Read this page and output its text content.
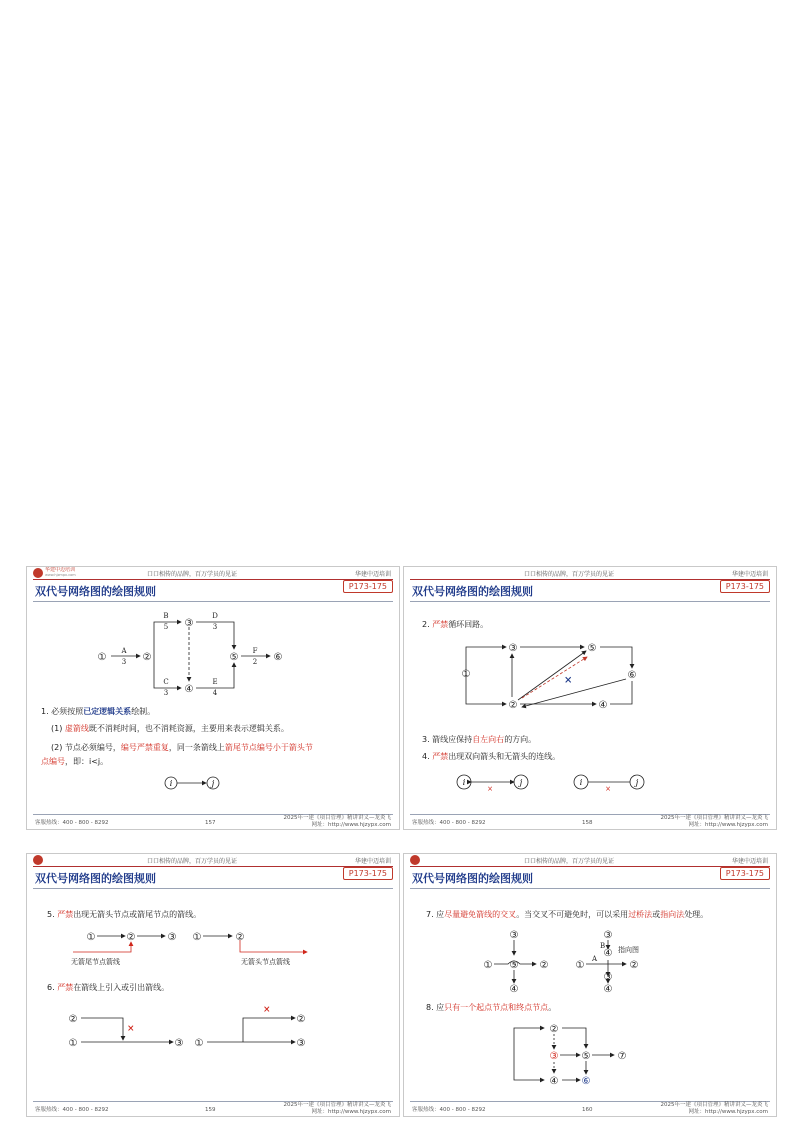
华建中迈培训
www.hjzmpx.com	口口相传的品牌，百万学员的见证	华建中迈培训
双代号网络图的绘图规则	P173-175
①	②
③
④
⑤	⑥
A
3
B
5
C
3
D
3
E
4
F
2
i	j
1. 必须按照已定逻辑关系绘制。
(1) 虚箭线既不消耗时间，也不消耗资源，主要用来表示逻辑关系。
(2) 节点必须编号，编号严禁重复，同一条箭线上箭尾节点编号小于箭头节
点编号，即：i<j。
客服热线：400 - 800 - 8292	157
2025年一建《项目管理》精讲讲义—龙炎飞
网址：http://www.hjzypx.com
口口相传的品牌，百万学员的见证	华建中迈培训
双代号网络图的绘图规则	P173-175
2. 严禁循环回路。
×
①
②
③
④
⑤
⑥
i	j
×
i	j
×
3. 箭线应保持自左向右的方向。
4. 严禁出现双向箭头和无箭头的连线。
客服热线：400 - 800 - 8292	158
2025年一建《项目管理》精讲讲义—龙炎飞
网址：http://www.hjzypx.com
口口相传的品牌，百万学员的见证	华建中迈培训
双代号网络图的绘图规则	P173-175
5. 严禁出现无箭头节点或箭尾节点的箭线。
①	②	③
无箭尾节点箭线
①	②
无箭头节点箭线
②
①	③
×
①
②
③
×
6. 严禁在箭线上引入或引出箭线。
客服热线：400 - 800 - 8292	159
2025年一建《项目管理》精讲讲义—龙炎飞
网址：http://www.hjzypx.com
口口相传的品牌，百万学员的见证	华建中迈培训
双代号网络图的绘图规则	P173-175
7. 应尽量避免箭线的交叉。当交叉不可避免时，可以采用过桥法或指向法处理。
③
① ⑤ ②
④
③
④
①	②
③
④
B
A
指向图
②
③
④
⑤
⑥
⑦
8. 应只有一个起点节点和终点节点。
客服热线：400 - 800 - 8292	160
2025年一建《项目管理》精讲讲义—龙炎飞
网址：http://www.hjzypx.com
